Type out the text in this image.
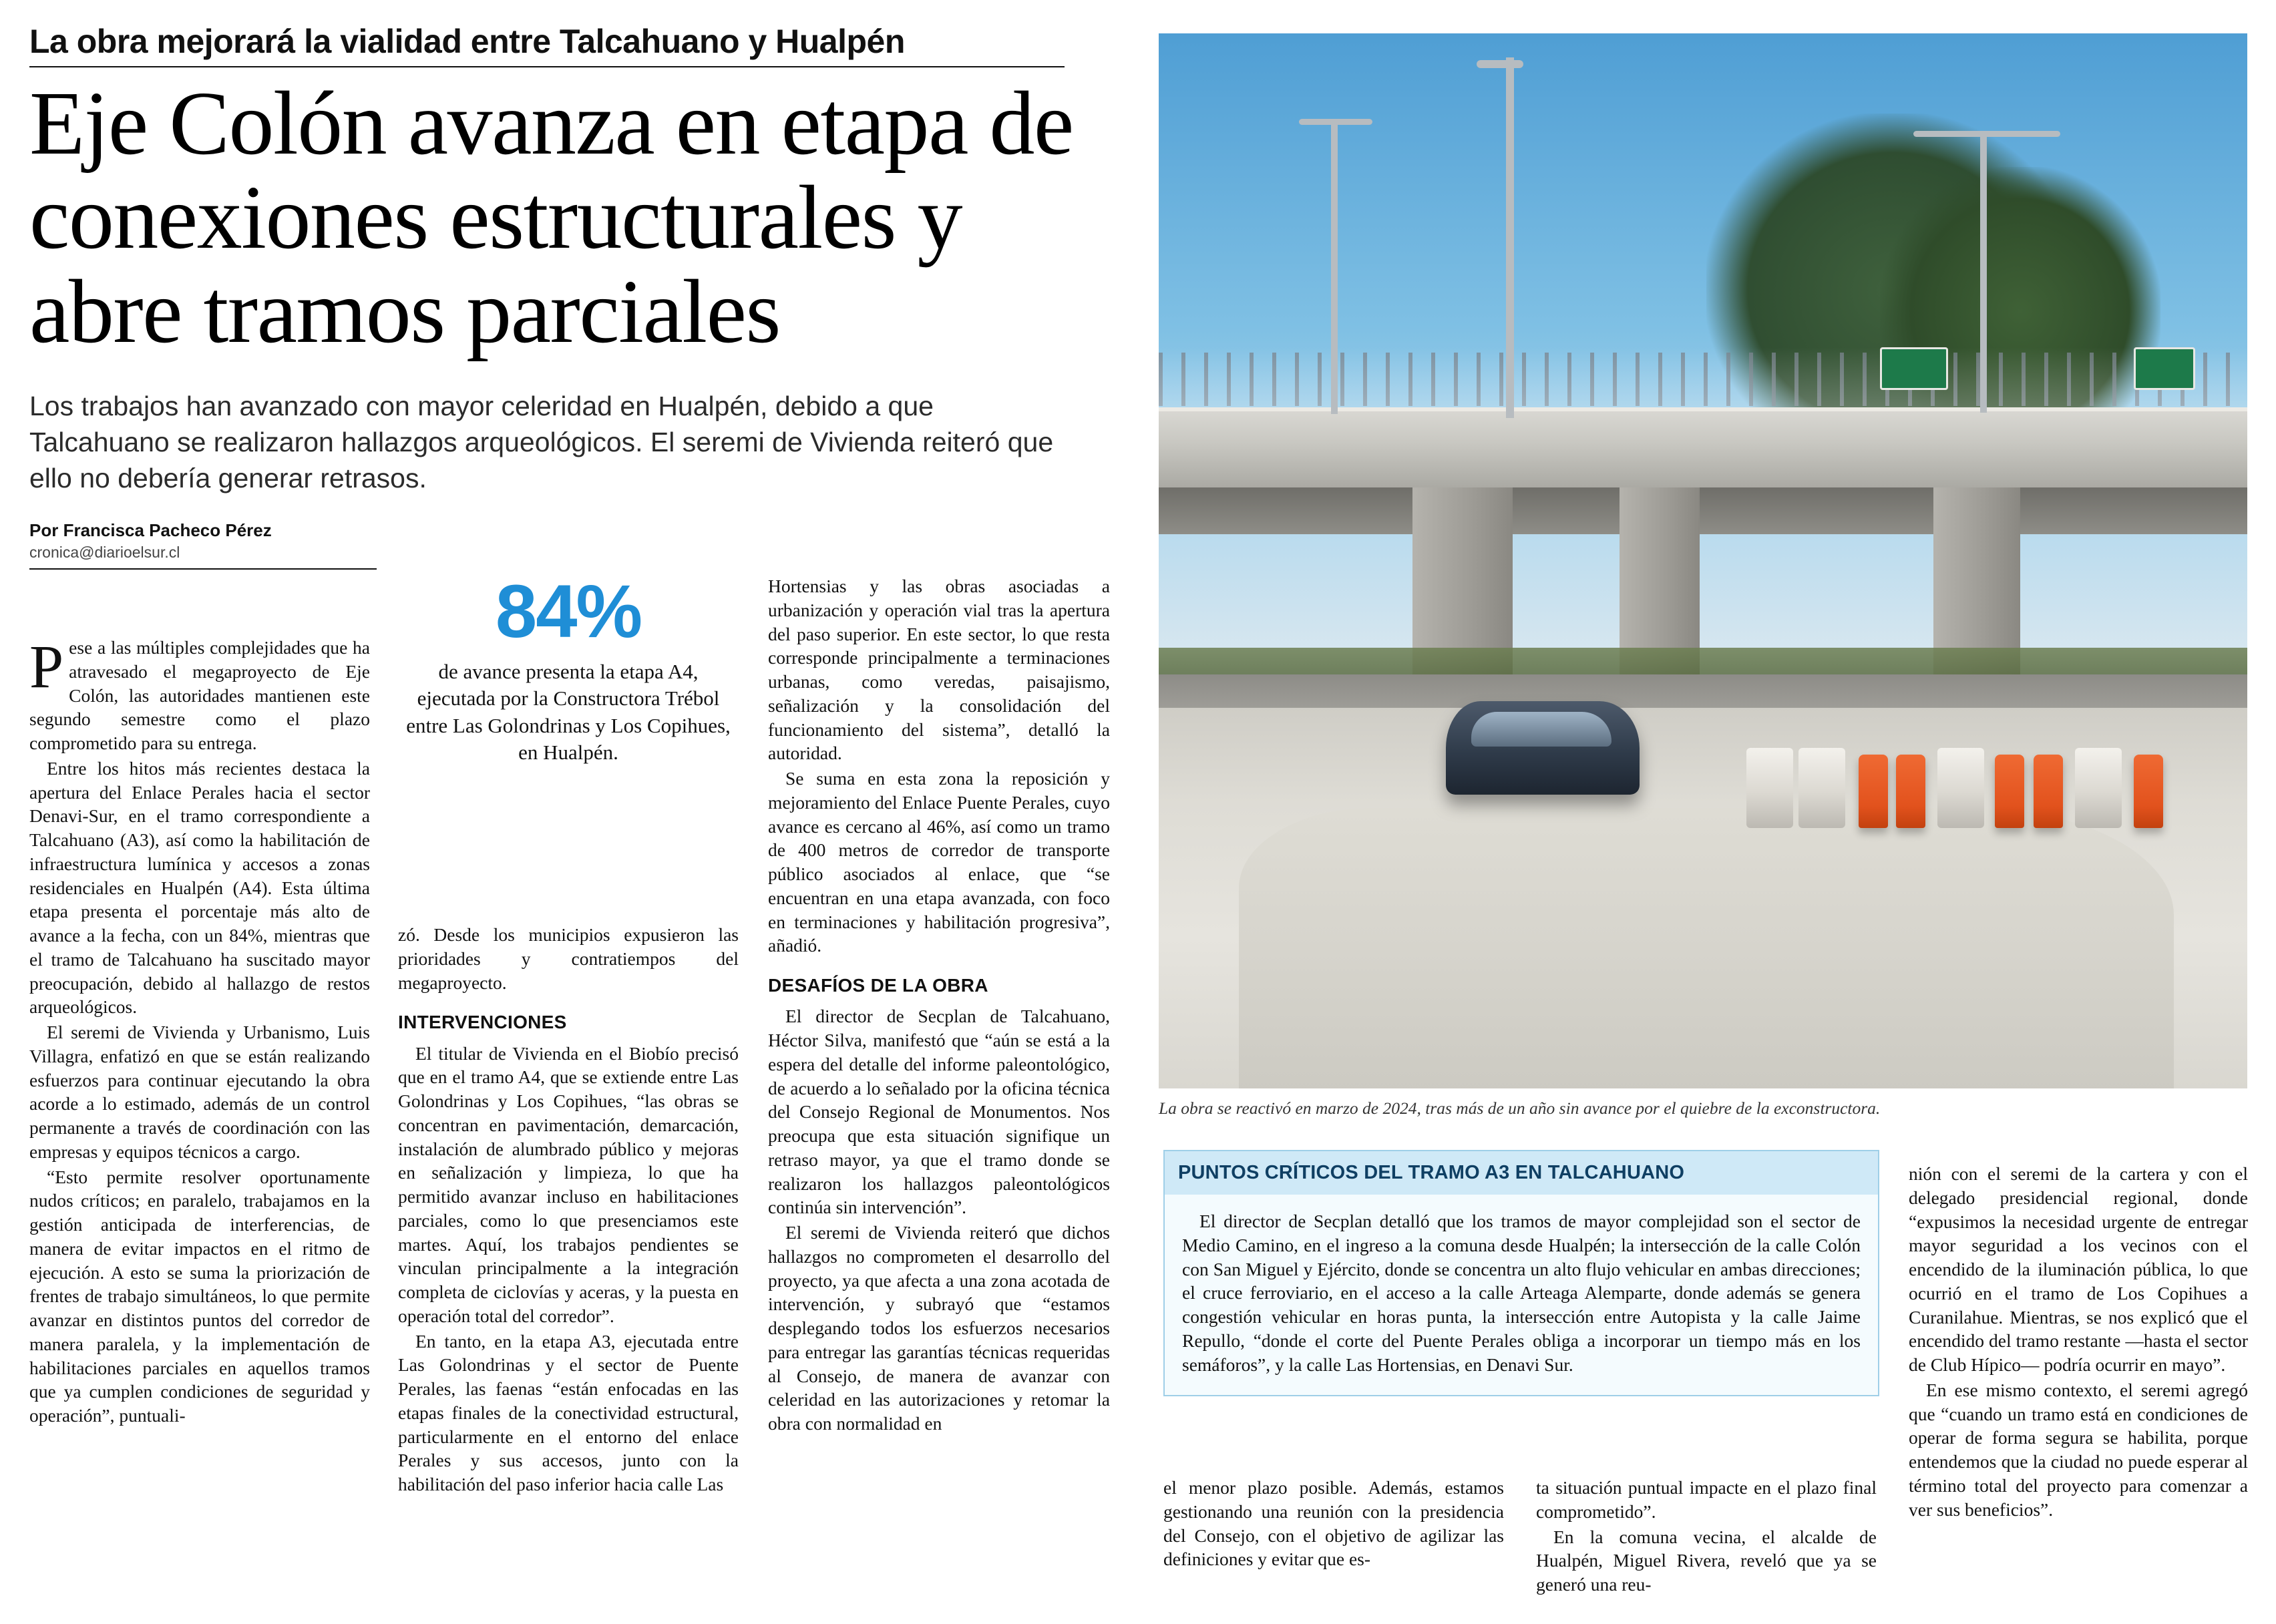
La obra mejorará la vialidad entre Talcahuano y Hualpén
Eje Colón avanza en etapa de conexiones estructurales y abre tramos parciales
Los trabajos han avanzado con mayor celeridad en Hualpén, debido a que Talcahuano se realizaron hallazgos arqueológicos. El seremi de Vivienda reiteró que ello no debería generar retrasos.
Por Francisca Pacheco Pérez
cronica@diarioelsur.cl

Pese a las múltiples complejidades que ha atravesado el megaproyecto de Eje Colón, las autoridades mantienen este segundo semestre como el plazo comprometido para su entrega.

Entre los hitos más recientes destaca la apertura del Enlace Perales hacia el sector Denavi-Sur, en el tramo correspondiente a Talcahuano (A3), así como la habilitación de infraestructura lumínica y accesos a zonas residenciales en Hualpén (A4). Esta última etapa presenta el porcentaje más alto de avance a la fecha, con un 84%, mientras que el tramo de Talcahuano ha suscitado mayor preocupación, debido al hallazgo de restos arqueológicos.

El seremi de Vivienda y Urbanismo, Luis Villagra, enfatizó en que se están realizando esfuerzos para continuar ejecutando la obra acorde a lo estimado, además de un control permanente a través de coordinación con las empresas y equipos técnicos a cargo.

“Esto permite resolver oportunamente nudos críticos; en paralelo, trabajamos en la gestión anticipada de interferencias, de manera de evitar impactos en el ritmo de ejecución. A esto se suma la priorización de frentes de trabajo simultáneos, lo que permite avanzar en distintos puntos del corredor de manera paralela, y la implementación de habilitaciones parciales en aquellos tramos que ya cumplen condiciones de seguridad y operación”, puntuali-

84%
de avance presenta la etapa A4, ejecutada por la Constructora Trébol entre Las Golondrinas y Los Copihues, en Hualpén.

zó. Desde los municipios expusieron las prioridades y contratiempos del megaproyecto.

INTERVENCIONES

El titular de Vivienda en el Biobío precisó que en el tramo A4, que se extiende entre Las Golondrinas y Los Copihues, “las obras se concentran en pavimentación, demarcación, instalación de alumbrado público y mejoras en señalización y limpieza, lo que ha permitido avanzar incluso en habilitaciones parciales, como lo que presenciamos este martes. Aquí, los trabajos pendientes se vinculan principalmente a la integración completa de ciclovías y aceras, y la puesta en operación total del corredor”.

En tanto, en la etapa A3, ejecutada entre Las Golondrinas y el sector de Puente Perales, las faenas “están enfocadas en las etapas finales de la conectividad estructural, particularmente en el entorno del enlace Perales y sus accesos, junto con la habilitación del paso inferior hacia calle Las

Hortensias y las obras asociadas a urbanización y operación vial tras la apertura del paso superior. En este sector, lo que resta corresponde principalmente a terminaciones urbanas, como veredas, paisajismo, señalización y la consolidación del funcionamiento del sistema”, detalló la autoridad.

Se suma en esta zona la reposición y mejoramiento del Enlace Puente Perales, cuyo avance es cercano al 46%, así como un tramo de 400 metros de corredor de transporte público asociados al enlace, que “se encuentran en una etapa avanzada, con foco en terminaciones y habilitación progresiva”, añadió.

DESAFÍOS DE LA OBRA

El director de Secplan de Talcahuano, Héctor Silva, manifestó que “aún se está a la espera del detalle del informe paleontológico, de acuerdo a lo señalado por la oficina técnica del Consejo Regional de Monumentos. Nos preocupa que esta situación signifique un retraso mayor, ya que el tramo donde se realizaron los hallazgos paleontológicos continúa sin intervención”.

El seremi de Vivienda reiteró que dichos hallazgos no comprometen el desarrollo del proyecto, ya que afecta a una zona acotada de intervención, y subrayó que “estamos desplegando todos los esfuerzos necesarios para entregar las garantías técnicas requeridas al Consejo, de manera de avanzar con celeridad en las autorizaciones y retomar la obra con normalidad en

La obra se reactivó en marzo de 2024, tras más de un año sin avance por el quiebre de la exconstructora.
PUNTOS CRÍTICOS DEL TRAMO A3 EN TALCAHUANO

El director de Secplan detalló que los tramos de mayor complejidad son el sector de Medio Camino, en el ingreso a la comuna desde Hualpén; la intersección de la calle Colón con San Miguel y Ejército, donde se concentra un alto flujo vehicular en ambas direcciones; el cruce ferroviario, en el acceso a la calle Arteaga Alemparte, donde además se genera congestión vehicular en horas punta, la intersección entre Autopista y la calle Jaime Repullo, “donde el corte del Puente Perales obliga a incorporar un tiempo más en los semáforos”, y la calle Las Hortensias, en Denavi Sur.

el menor plazo posible. Además, estamos gestionando una reunión con la presidencia del Consejo, con el objetivo de agilizar las definiciones y evitar que es-

ta situación puntual impacte en el plazo final comprometido”.

En la comuna vecina, el alcalde de Hualpén, Miguel Rivera, reveló que ya se generó una reu-

nión con el seremi de la cartera y con el delegado presidencial regional, donde “expusimos la necesidad urgente de entregar mayor seguridad a los vecinos con el encendido de la iluminación pública, lo que ocurrió en el tramo de Los Copihues a Curanilahue. Mientras, se nos explicó que el encendido del tramo restante —hasta el sector de Club Hípico— podría ocurrir en mayo”.

En ese mismo contexto, el seremi agregó que “cuando un tramo está en condiciones de operar de forma segura se habilita, porque entendemos que la ciudad no puede esperar al término total del proyecto para comenzar a ver sus beneficios”.
